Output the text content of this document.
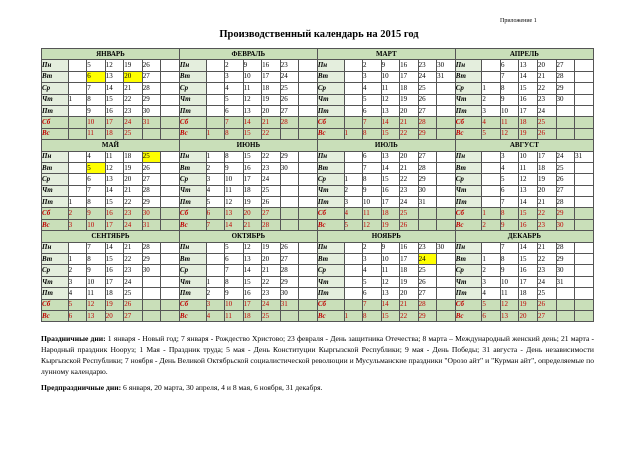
Приложение 1
Производственный календарь на 2015 год
ЯНВАРЬ							ФЕВРАЛЬ							МАРТ							АПРЕЛЬ						
Пн		5	12	19	26		Пн		2	9	16	23		Пн		2	9	16	23	30	Пн		6	13	20	27	
Вт		6	13	20	27		Вт		3	10	17	24		Вт		3	10	17	24	31	Вт		7	14	21	28	
Ср		7	14	21	28		Ср		4	11	18	25		Ср		4	11	18	25		Ср	1	8	15	22	29	
Чт	1	8	15	22	29		Чт		5	12	19	26		Чт		5	12	19	26		Чт	2	9	16	23	30	
Пт		9	16	23	30		Пт		6	13	20	27		Пт		6	13	20	27		Пт	3	10	17	24		
Сб		10	17	24	31		Сб		7	14	21	28		Сб		7	14	21	28		Сб	4	11	18	25		
Вс		11	18	25			Вс	1	8	15	22			Вс	1	8	15	22	29		Вс	5	12	19	26		
МАЙ							ИЮНЬ							ИЮЛЬ							АВГУСТ						
Пн		4	11	18	25		Пн	1	8	15	22	29		Пн		6	13	20	27		Пн		3	10	17	24	31
Вт		5	12	19	26		Вт	2	9	16	23	30		Вт		7	14	21	28		Вт		4	11	18	25	
Ср		6	13	20	27		Ср	3	10	17	24			Ср	1	8	15	22	29		Ср		5	12	19	26	
Чт		7	14	21	28		Чт	4	11	18	25			Чт	2	9	16	23	30		Чт		6	13	20	27	
Пт	1	8	15	22	29		Пт	5	12	19	26			Пт	3	10	17	24	31		Пт		7	14	21	28	
Сб	2	9	16	23	30		Сб	6	13	20	27			Сб	4	11	18	25			Сб	1	8	15	22	29	
Вс	3	10	17	24	31		Вс	7	14	21	28			Вс	5	12	19	26			Вс	2	9	16	23	30	
СЕНТЯБРЬ							ОКТЯБРЬ							НОЯБРЬ							ДЕКАБРЬ						
Пн		7	14	21	28		Пн		5	12	19	26		Пн		2	9	16	23	30	Пн		7	14	21	28	
Вт	1	8	15	22	29		Вт		6	13	20	27		Вт		3	10	17	24		Вт	1	8	15	22	29	
Ср	2	9	16	23	30		Ср		7	14	21	28		Ср		4	11	18	25		Ср	2	9	16	23	30	
Чт	3	10	17	24			Чт	1	8	15	22	29		Чт		5	12	19	26		Чт	3	10	17	24	31	
Пт	4	11	18	25			Пт	2	9	16	23	30		Пт		6	13	20	27		Пт	4	11	18	25		
Сб	5	12	19	26			Сб	3	10	17	24	31		Сб		7	14	21	28		Сб	5	12	19	26		
Вс	6	13	20	27			Вс	4	11	18	25			Вс	1	8	15	22	29		Вс	6	13	20	27		

Праздничные дни: 1 января - Новый год; 7 января - Рождество Христово; 23 февраля - День защитника Отечества; 8 марта – Международный женский день; 21 марта - Народный праздник Нооруз; 1 Мая - Праздник труда; 5 мая - День Конституции Кыргызской Республики; 9 мая - День Победы; 31 августа - День независимости Кыргызской Республики; 7 ноября - День Великой Октябрьской социалистической революции и Мусульманские праздники "Орозо айт" и "Курман айт", определяемые по лунному календарю.

Предпраздничные дни: 6 января, 20 марта, 30 апреля, 4 и 8 мая, 6 ноября, 31 декабря.
